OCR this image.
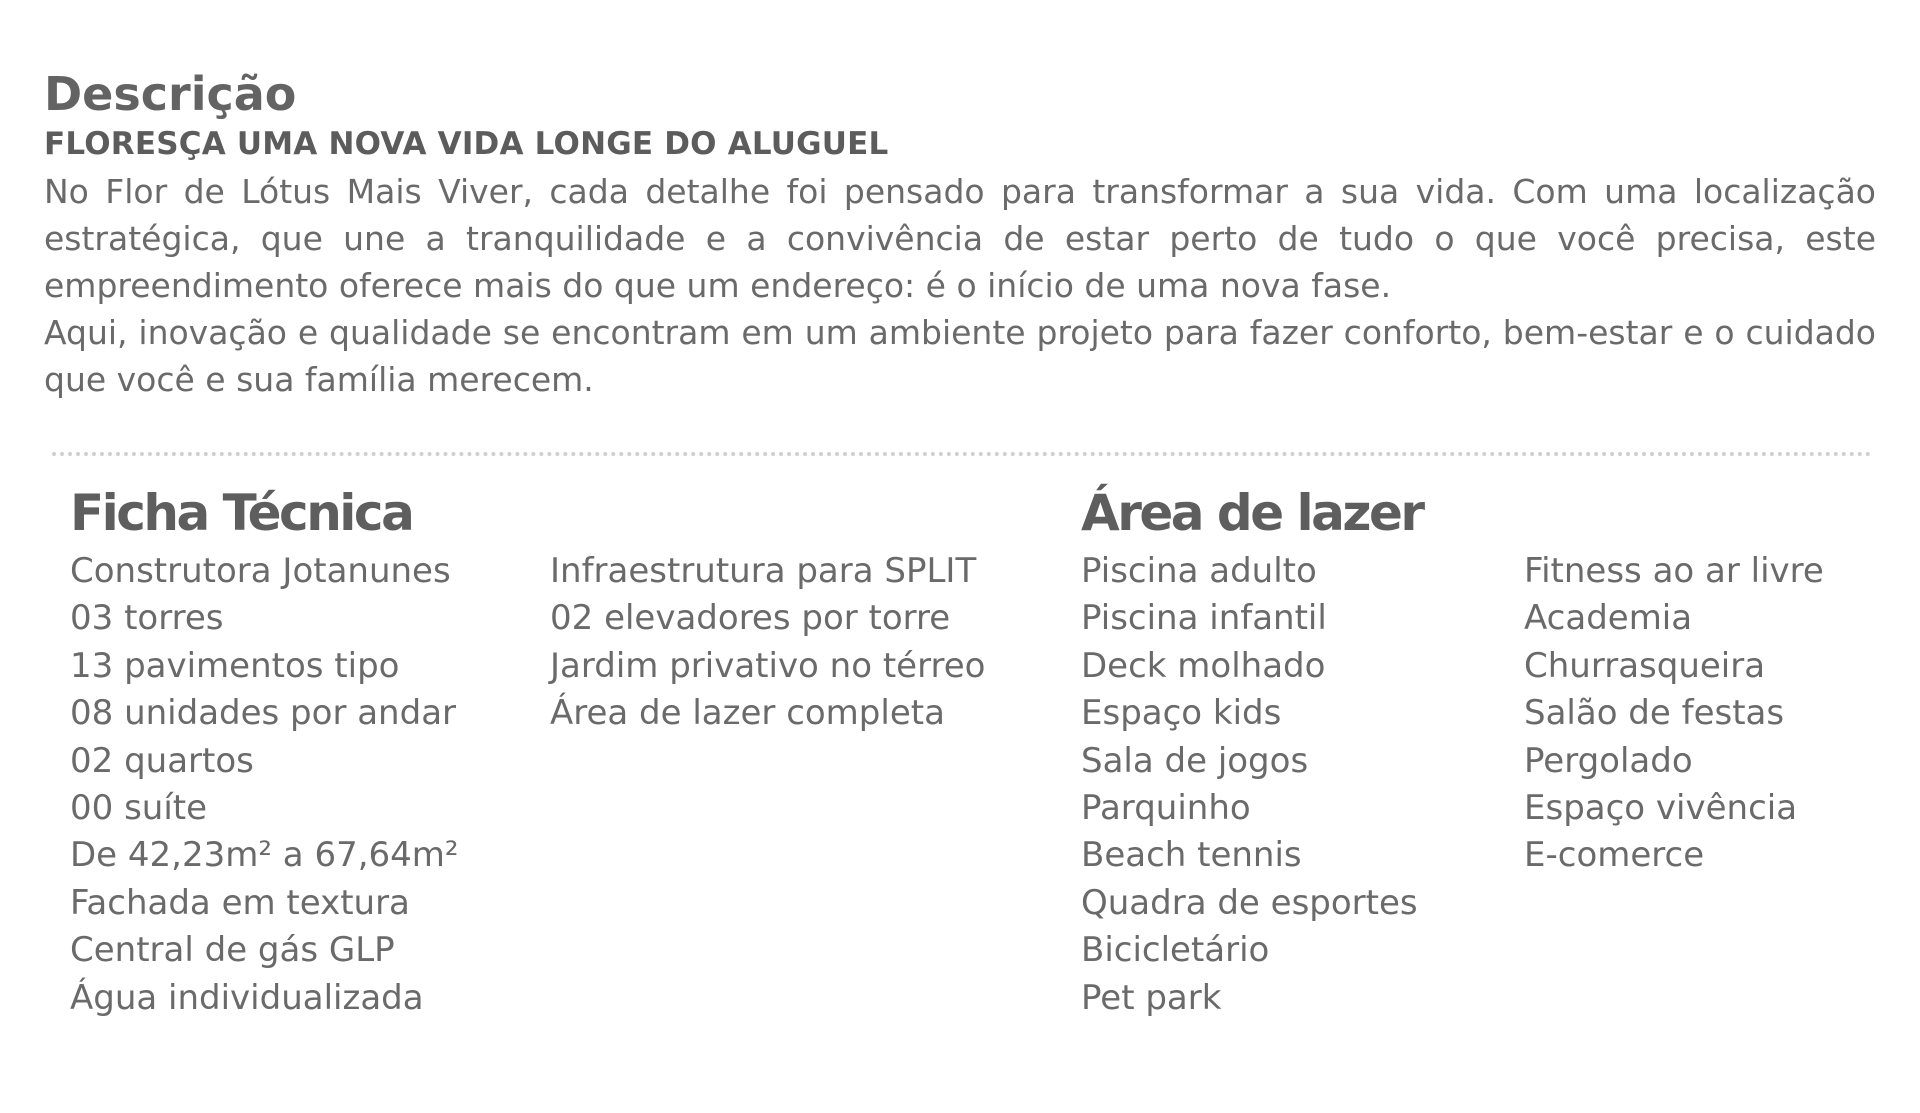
Descrição
FLORESÇA UMA NOVA VIDA LONGE DO ALUGUEL

No Flor de Lótus Mais Viver, cada detalhe foi pensado para transformar a sua vida. Com uma localização estratégica, que une a tranquilidade e a convivência de estar perto de tudo o que você precisa, este empreendimento oferece mais do que um endereço: é o início de uma nova fase.

Aqui, inovação e qualidade se encontram em um ambiente projeto para fazer conforto, bem-estar e o cuidado que você e sua família merecem.

Ficha Técnica
Construtora Jotanunes
03 torres
13 pavimentos tipo
08 unidades por andar
02 quartos
00 suíte
De 42,23m² a 67,64m²
Fachada em textura
Central de gás GLP
Água individualizada
Infraestrutura para SPLIT
02 elevadores por torre
Jardim privativo no térreo
Área de lazer completa
Área de lazer
Piscina adulto
Piscina infantil
Deck molhado
Espaço kids
Sala de jogos
Parquinho
Beach tennis
Quadra de esportes
Bicicletário
Pet park
Fitness ao ar livre
Academia
Churrasqueira
Salão de festas
Pergolado
Espaço vivência
E-comerce
